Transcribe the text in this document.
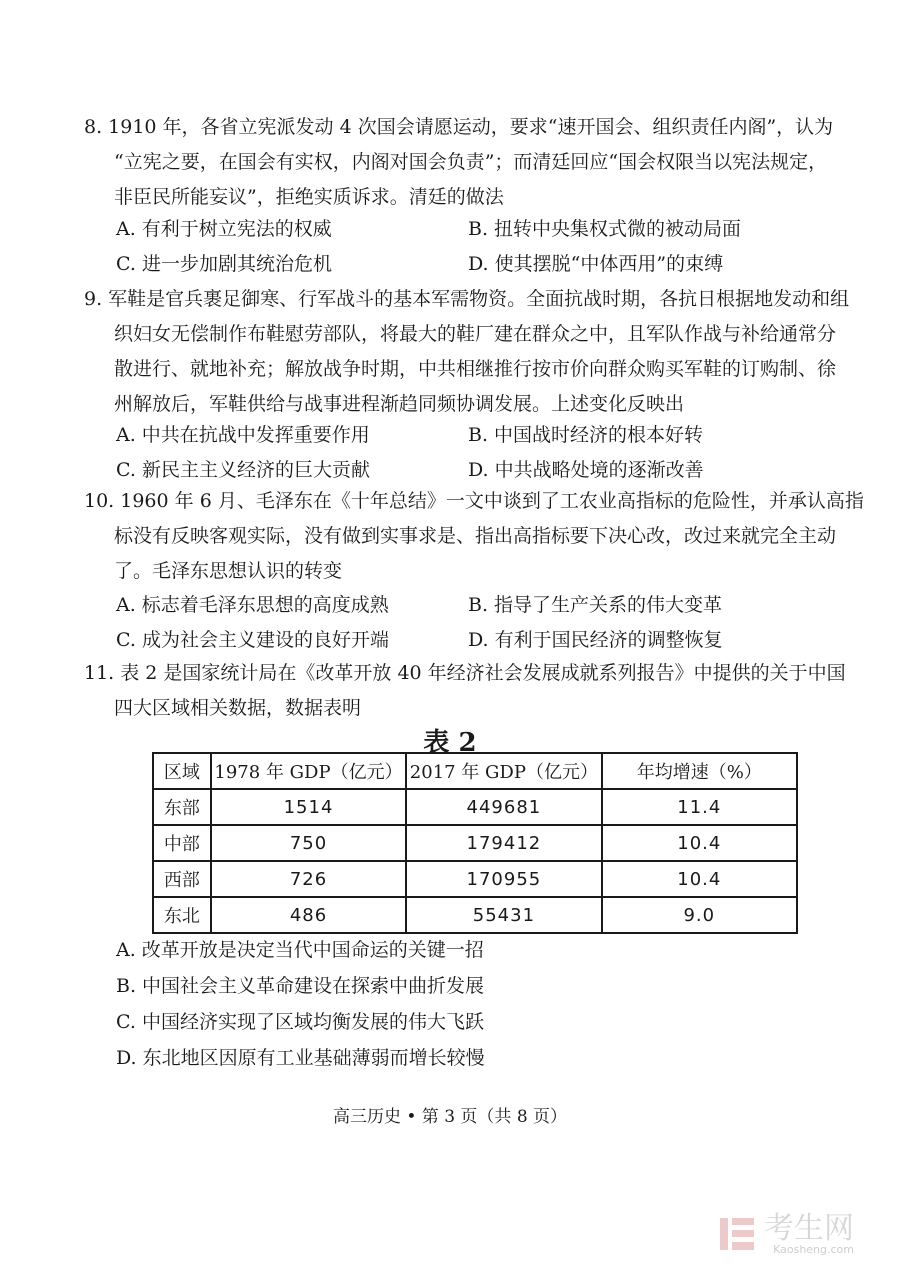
8. 1910 年，各省立宪派发动 4 次国会请愿运动，要求“速开国会、组织责任内阁”，认为
“立宪之要，在国会有实权，内阁对国会负责”；而清廷回应“国会权限当以宪法规定，
非臣民所能妄议”，拒绝实质诉求。清廷的做法
A. 有利于树立宪法的权威	B. 扭转中央集权式微的被动局面
C. 进一步加剧其统治危机	D. 使其摆脱“中体西用”的束缚
9. 军鞋是官兵裹足御寒、行军战斗的基本军需物资。全面抗战时期，各抗日根据地发动和组
织妇女无偿制作布鞋慰劳部队，将最大的鞋厂建在群众之中，且军队作战与补给通常分
散进行、就地补充；解放战争时期，中共相继推行按市价向群众购买军鞋的订购制、徐
州解放后，军鞋供给与战事进程渐趋同频协调发展。上述变化反映出
A. 中共在抗战中发挥重要作用	B. 中国战时经济的根本好转
C. 新民主主义经济的巨大贡献	D. 中共战略处境的逐渐改善
10. 1960 年 6 月、毛泽东在《十年总结》一文中谈到了工农业高指标的危险性，并承认高指
标没有反映客观实际，没有做到实事求是、指出高指标要下决心改，改过来就完全主动
了。毛泽东思想认识的转变
A. 标志着毛泽东思想的高度成熟	B. 指导了生产关系的伟大变革
C. 成为社会主义建设的良好开端	D. 有利于国民经济的调整恢复
11. 表 2 是国家统计局在《改革开放 40 年经济社会发展成就系列报告》中提供的关于中国
四大区域相关数据，数据表明
表 2
区域	1978 年 GDP（亿元）	2017 年 GDP（亿元）	年均增速（%）
东部	1514	449681	11.4
中部	750	179412	10.4
西部	726	170955	10.4
东北	486	55431	9.0
A. 改革开放是决定当代中国命运的关键一招
B. 中国社会主义革命建设在探索中曲折发展
C. 中国经济实现了区域均衡发展的伟大飞跃
D. 东北地区因原有工业基础薄弱而增长较慢
高三历史 • 第 3 页（共 8 页）
考生网
Kaosheng.com
